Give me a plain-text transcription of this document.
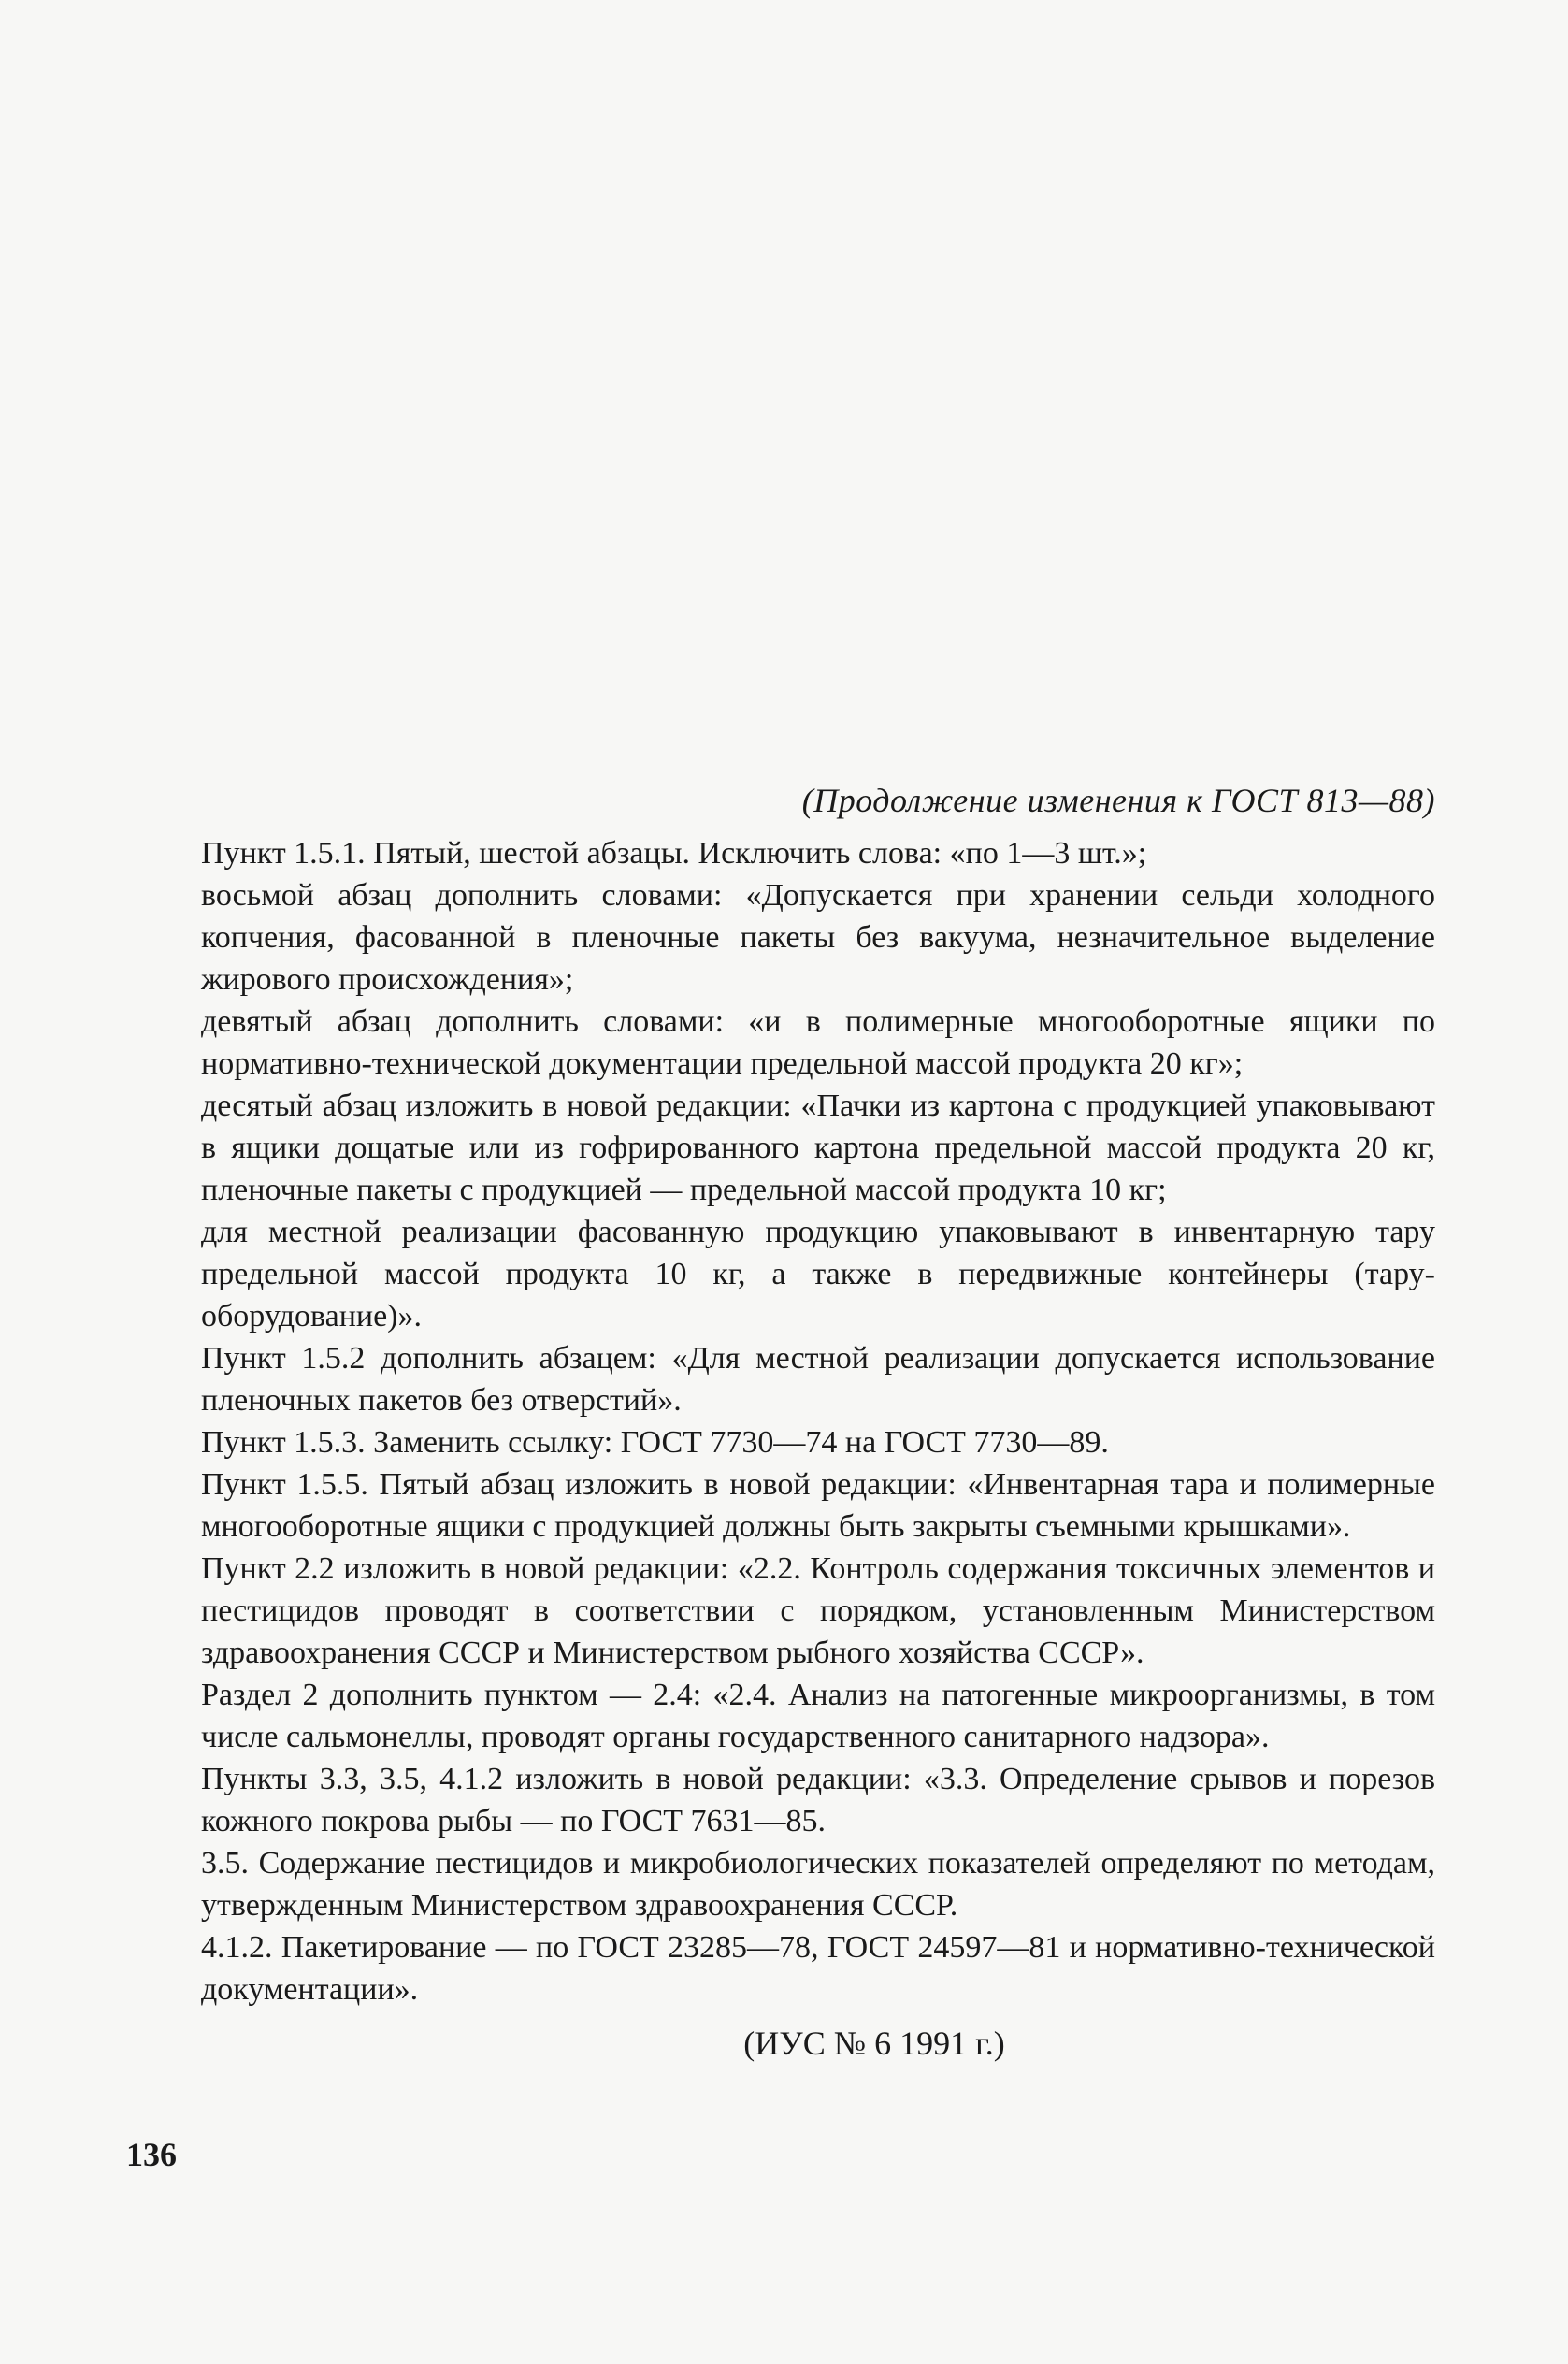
(Продолжение изменения к ГОСТ 813—88)

Пункт 1.5.1. Пятый, шестой абзацы. Исключить слова: «по 1—3 шт.»;

восьмой абзац дополнить словами: «Допускается при хранении сельди холодного копчения, фасованной в пленочные пакеты без вакуума, незначительное выделение жирового происхождения»;

девятый абзац дополнить словами: «и в полимерные многооборотные ящики по нормативно-технической документации предельной массой продукта 20 кг»;

десятый абзац изложить в новой редакции: «Пачки из картона с продукцией упаковывают в ящики дощатые или из гофрированного картона предельной массой продукта 20 кг, пленочные пакеты с продукцией — предельной массой продукта 10 кг;

для местной реализации фасованную продукцию упаковывают в инвентарную тару предельной массой продукта 10 кг, а также в передвижные контейнеры (тару-оборудование)».

Пункт 1.5.2 дополнить абзацем: «Для местной реализации допускается использование пленочных пакетов без отверстий».

Пункт 1.5.3. Заменить ссылку: ГОСТ 7730—74 на ГОСТ 7730—89.

Пункт 1.5.5. Пятый абзац изложить в новой редакции: «Инвентарная тара и полимерные многооборотные ящики с продукцией должны быть закрыты съемными крышками».

Пункт 2.2 изложить в новой редакции: «2.2. Контроль содержания токсичных элементов и пестицидов проводят в соответствии с порядком, установленным Министерством здравоохранения СССР и Министерством рыбного хозяйства СССР».

Раздел 2 дополнить пунктом — 2.4: «2.4. Анализ на патогенные микроорганизмы, в том числе сальмонеллы, проводят органы государственного санитарного надзора».

Пункты 3.3, 3.5, 4.1.2 изложить в новой редакции: «3.3. Определение срывов и порезов кожного покрова рыбы — по ГОСТ 7631—85.

3.5. Содержание пестицидов и микробиологических показателей определяют по методам, утвержденным Министерством здравоохранения СССР.

4.1.2. Пакетирование — по ГОСТ 23285—78, ГОСТ 24597—81 и нормативно-технической документации».

(ИУС № 6 1991 г.)
136
